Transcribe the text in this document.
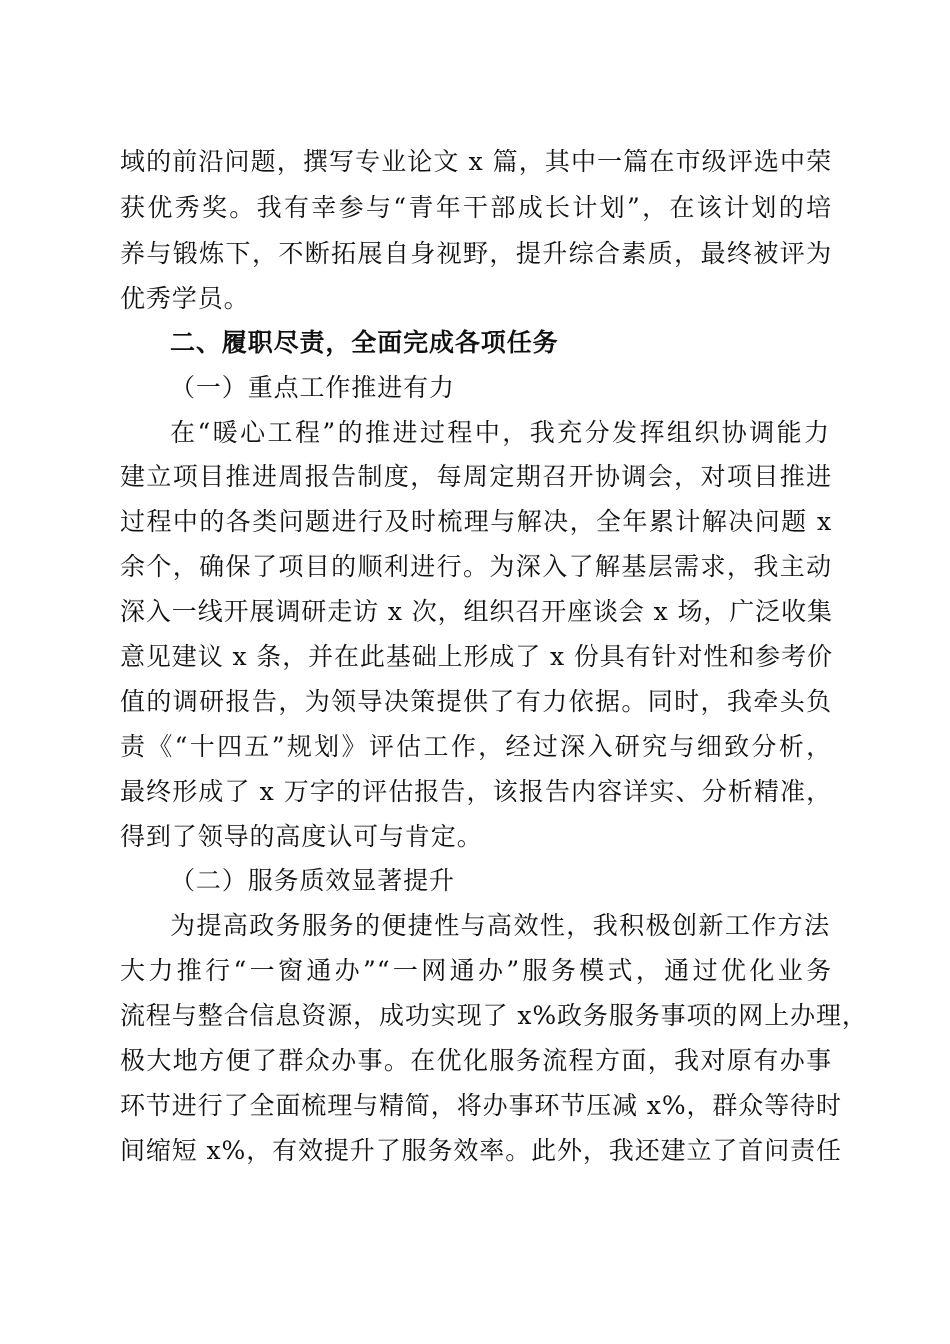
域的前沿问题，撰写专业论文 x 篇，其中一篇在市级评选中荣
获优秀奖。我有幸参与“青年干部成长计划”，在该计划的培
养与锻炼下，不断拓展自身视野，提升综合素质，最终被评为
优秀学员。
二、履职尽责，全面完成各项任务
（一）重点工作推进有力
在“暖心工程”的推进过程中，我充分发挥组织协调能力
建立项目推进周报告制度，每周定期召开协调会，对项目推进
过程中的各类问题进行及时梳理与解决，全年累计解决问题 x
余个，确保了项目的顺利进行。为深入了解基层需求，我主动
深入一线开展调研走访 x 次，组织召开座谈会 x 场，广泛收集
意见建议 x 条，并在此基础上形成了 x 份具有针对性和参考价
值的调研报告，为领导决策提供了有力依据。同时，我牵头负
责《“十四五”规划》评估工作，经过深入研究与细致分析，
最终形成了 x 万字的评估报告，该报告内容详实、分析精准，
得到了领导的高度认可与肯定。
（二）服务质效显著提升
为提高政务服务的便捷性与高效性，我积极创新工作方法
大力推行“一窗通办”“一网通办”服务模式，通过优化业务
流程与整合信息资源，成功实现了 x%政务服务事项的网上办理，
极大地方便了群众办事。在优化服务流程方面，我对原有办事
环节进行了全面梳理与精简，将办事环节压减 x%，群众等待时
间缩短 x%，有效提升了服务效率。此外，我还建立了首问责任
